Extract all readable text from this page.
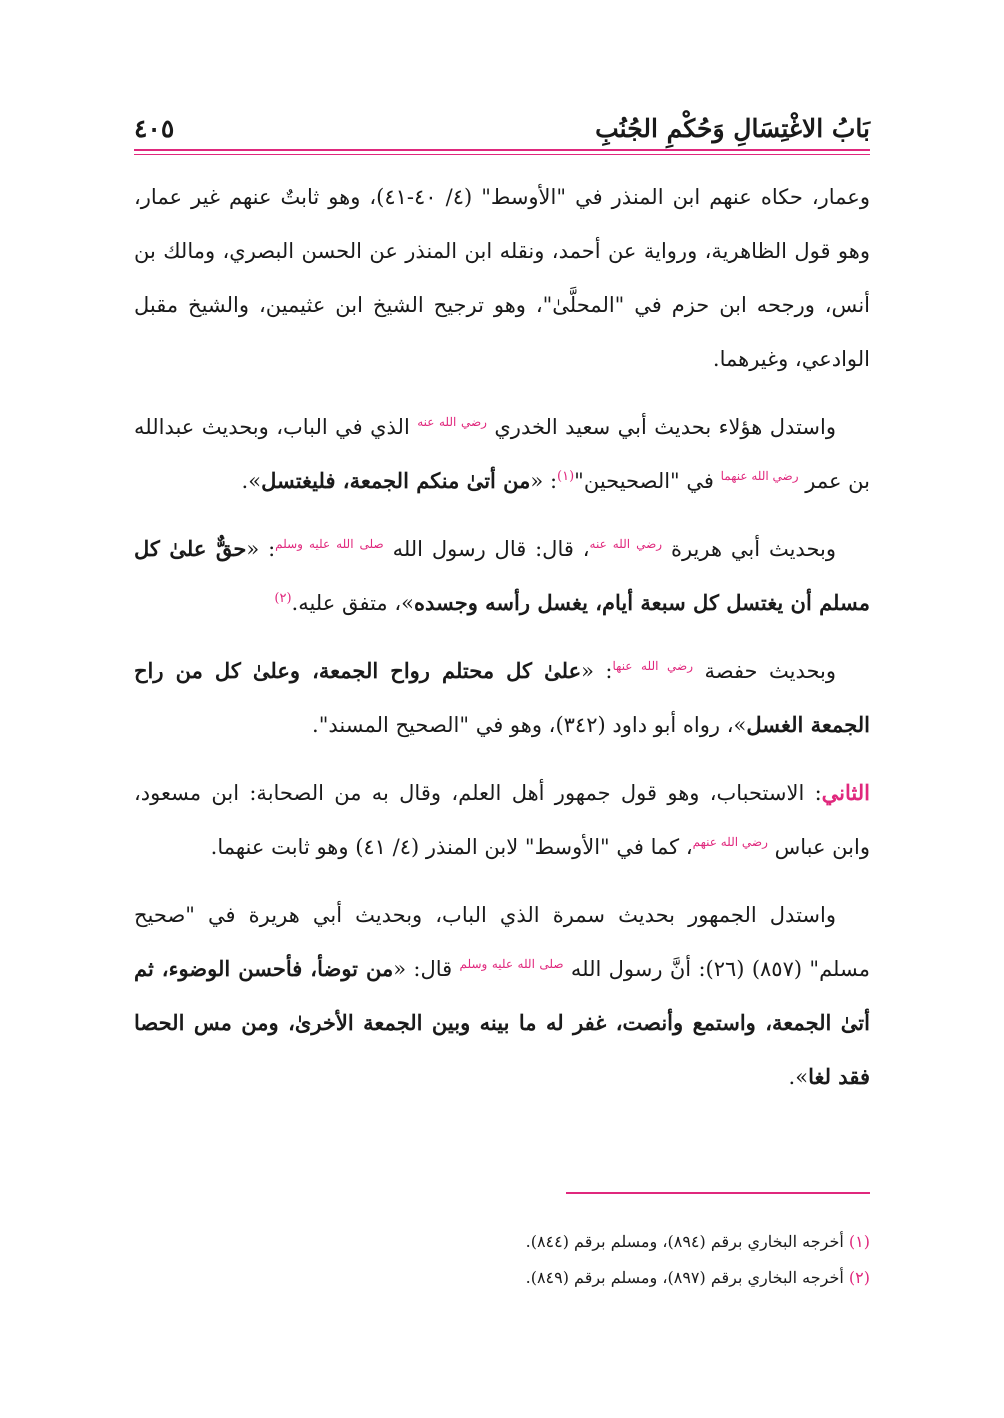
بَابُ الاغْتِسَالِ وَحُكْمِ الجُنُبِ
٤٠٥

وعمار، حكاه عنهم ابن المنذر في "الأوسط" (٤/ ٤٠-٤١)، وهو ثابتٌ عنهم غير عمار، وهو قول الظاهرية، ورواية عن أحمد، ونقله ابن المنذر عن الحسن البصري، ومالك بن أنس، ورجحه ابن حزم في "المحلَّىٰ"، وهو ترجيح الشيخ ابن عثيمين، والشيخ مقبل الوادعي، وغيرهما.

واستدل هؤلاء بحديث أبي سعيد الخدري $^{رضي الله عنه}$ الذي في الباب، وبحديث عبدالله بن عمر $^{رضي الله عنهما}$ في "الصحيحين"$^{(١)}$: «من أتىٰ منكم الجمعة، فليغتسل».

وبحديث أبي هريرة $^{رضي الله عنه}$، قال: قال رسول الله $^{صلى الله عليه وسلم}$: «حقٌّ علىٰ كل مسلم أن يغتسل كل سبعة أيام، يغسل رأسه وجسده»، متفق عليه.$^{(٢)}$

وبحديث حفصة $^{رضي الله عنها}$: «علىٰ كل محتلم رواح الجمعة، وعلىٰ كل من راح الجمعة الغسل»، رواه أبو داود (٣٤٢)، وهو في "الصحيح المسند".

الثاني: الاستحباب، وهو قول جمهور أهل العلم، وقال به من الصحابة: ابن مسعود، وابن عباس $^{رضي الله عنهم}$، كما في "الأوسط" لابن المنذر (٤/ ٤١) وهو ثابت عنهما.

واستدل الجمهور بحديث سمرة الذي الباب، وبحديث أبي هريرة في "صحيح مسلم" (٨٥٧) (٢٦): أنَّ رسول الله $^{صلى الله عليه وسلم}$ قال: «من توضأ، فأحسن الوضوء، ثم أتىٰ الجمعة، واستمع وأنصت، غفر له ما بينه وبين الجمعة الأخرىٰ، ومن مس الحصا فقد لغا».

(١) أخرجه البخاري برقم (٨٩٤)، ومسلم برقم (٨٤٤).
(٢) أخرجه البخاري برقم (٨٩٧)، ومسلم برقم (٨٤٩).
